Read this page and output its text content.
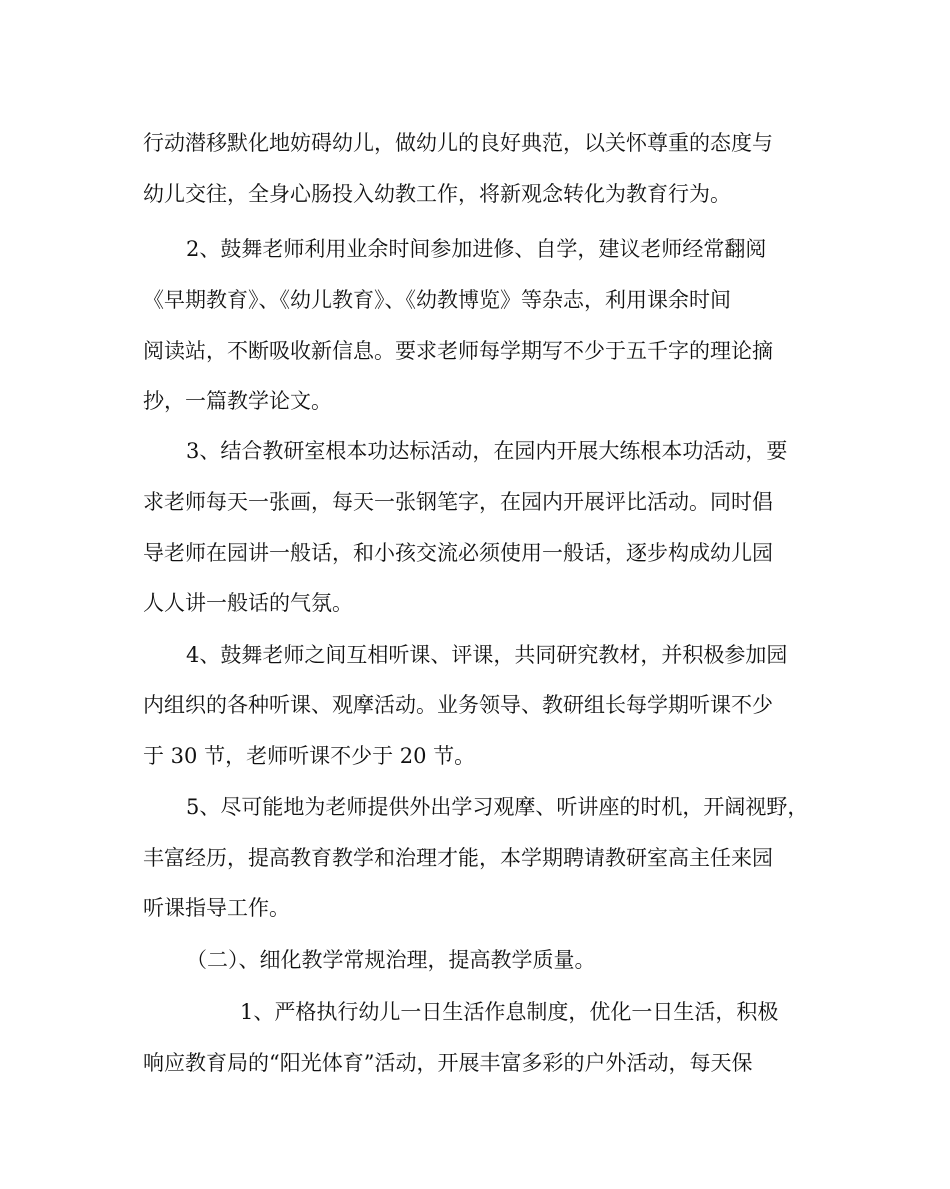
行动潜移默化地妨碍幼儿，做幼儿的良好典范，以关怀尊重的态度与
幼儿交往，全身心肠投入幼教工作，将新观念转化为教育行为。
2、鼓舞老师利用业余时间参加进修、自学，建议老师经常翻阅
《早期教育》、《幼儿教育》、《幼教博览》等杂志，利用课余时间
阅读站，不断吸收新信息。要求老师每学期写不少于五千字的理论摘
抄，一篇教学论文。
3、结合教研室根本功达标活动，在园内开展大练根本功活动，要
求老师每天一张画，每天一张钢笔字，在园内开展评比活动。同时倡
导老师在园讲一般话，和小孩交流必须使用一般话，逐步构成幼儿园
人人讲一般话的气氛。
4、鼓舞老师之间互相听课、评课，共同研究教材，并积极参加园
内组织的各种听课、观摩活动。业务领导、教研组长每学期听课不少
于 30 节，老师听课不少于 20 节。
5、尽可能地为老师提供外出学习观摩、听讲座的时机，开阔视野，
丰富经历，提高教育教学和治理才能，本学期聘请教研室高主任来园
听课指导工作。
（二）、细化教学常规治理，提高教学质量。
1、严格执行幼儿一日生活作息制度，优化一日生活，积极
响应教育局的“阳光体育”活动，开展丰富多彩的户外活动，每天保
